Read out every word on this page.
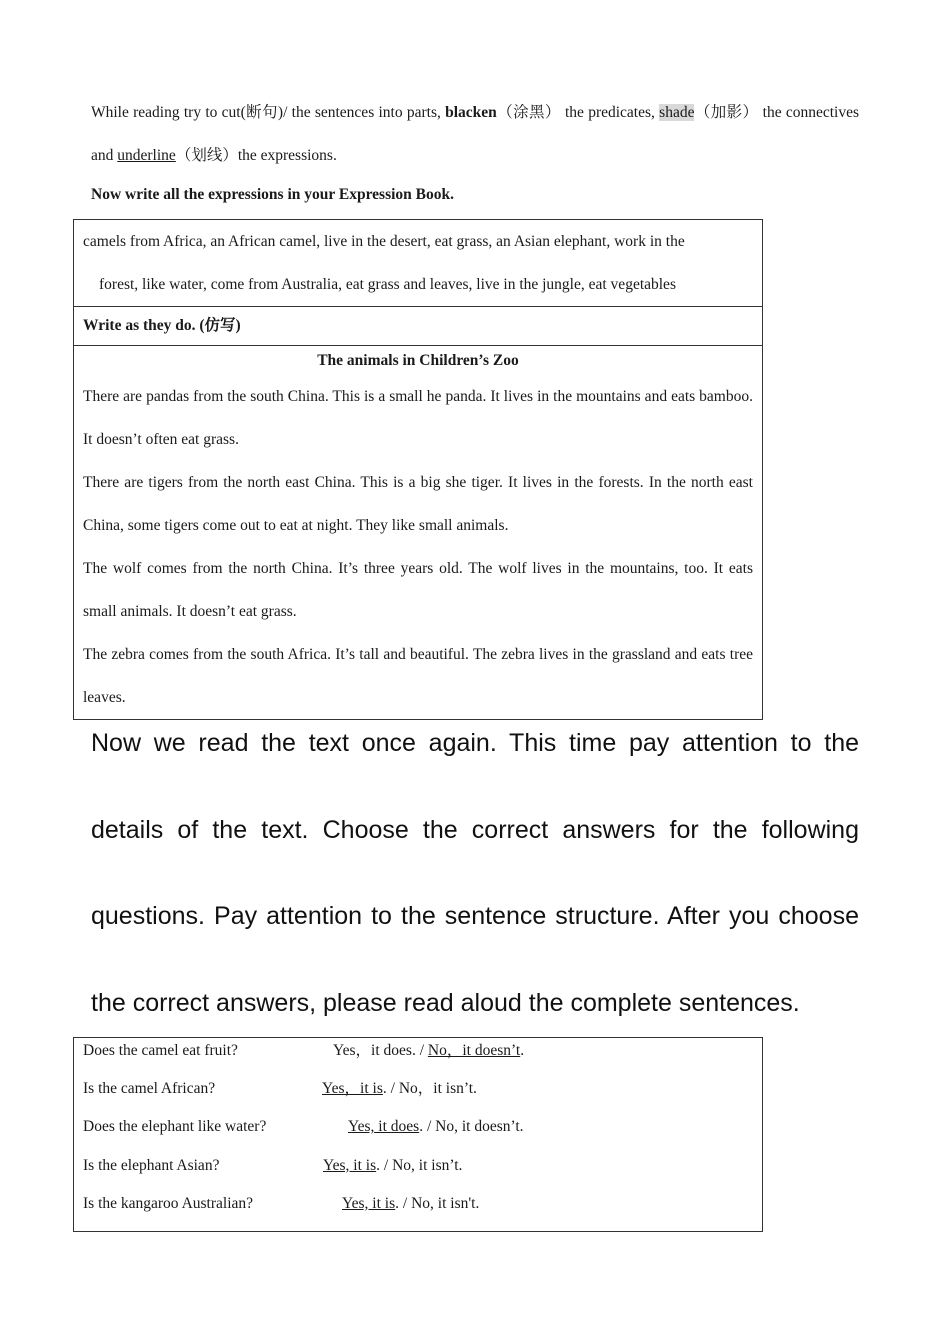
While reading try to cut(断句)/ the sentences into parts, blacken（涂黑） the predicates, shade（加影） the connectives and underline（划线）the expressions.
Now write all the expressions in your Expression Book.
camels from Africa, an African camel, live in the desert, eat grass, an Asian elephant, work in the
forest, like water, come from Australia, eat grass and leaves, live in the jungle, eat vegetables

Write as they do. (仿写)

The animals in Children’s Zoo

There are pandas from the south China. This is a small he panda. It lives in the mountains and eats bamboo. It doesn’t often eat grass.

There are tigers from the north east China. This is a big she tiger. It lives in the forests. In the north east China, some tigers come out to eat at night. They like small animals.

The wolf comes from the north China. It’s three years old. The wolf lives in the mountains, too. It eats small animals. It doesn’t eat grass.

The zebra comes from the south Africa. It’s tall and beautiful. The zebra lives in the grassland and eats tree leaves.

Now we read the text once again. This time pay attention to the details of the text. Choose the correct answers for the following questions. Pay attention to the sentence structure. After you choose the correct answers, please read aloud the complete sentences.
Does the camel eat fruit?	Yes，it does. / No，it doesn’t.
Is the camel African?	Yes，it is. / No，it isn’t.
Does the elephant like water?	Yes, it does. / No, it doesn’t.
Is the elephant Asian?	Yes, it is. / No, it isn’t.
Is the kangaroo Australian?	Yes, it is. / No, it isn't.
